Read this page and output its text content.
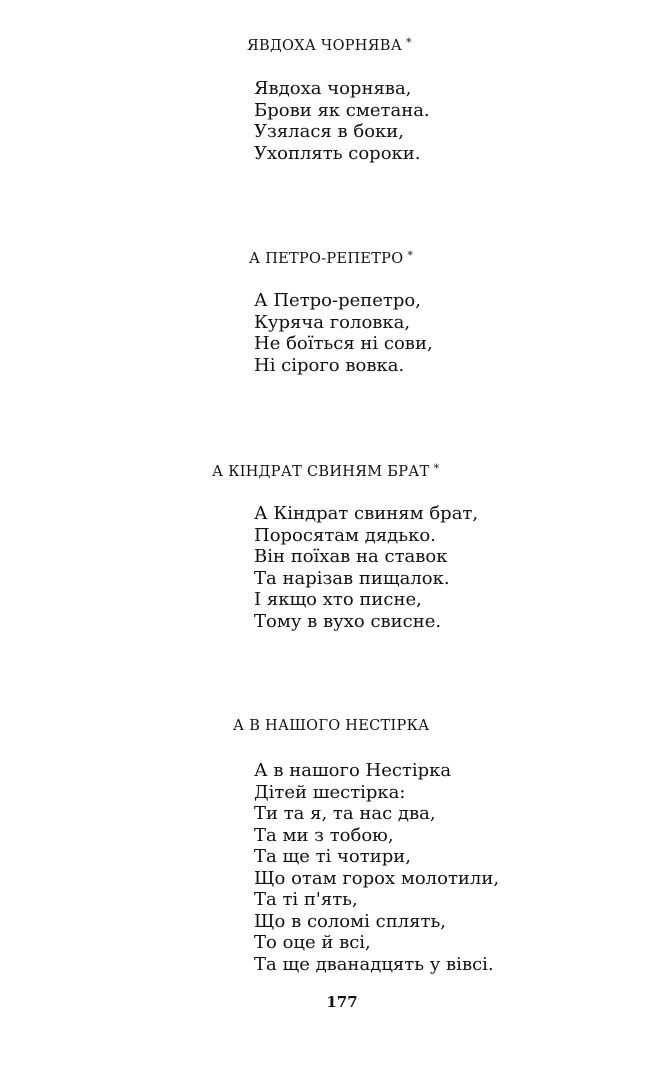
ЯВДОХА ЧОРНЯВА *
Явдоха чорнява,
Брови як сметана.
Узялася в боки,
Ухоплять сороки.
А ПЕТРО-РЕПЕТРО *
А Петро-репетро,
Куряча головка,
Не боїться ні сови,
Ні сірого вовка.
А КІНДРАТ СВИНЯМ БРАТ *
А Кіндрат свиням брат,
Поросятам дядько.
Він поїхав на ставок
Та нарізав пищалок.
І якщо хто писне,
Тому в вухо свисне.
А В НАШОГО НЕСТІРКА
А в нашого Нестірка
Дітей шестірка:
Ти та я, та нас два,
Та ми з тобою,
Та ще ті чотири,
Що отам горох молотили,
Та ті п'ять,
Що в соломі сплять,
То оце й всі,
Та ще дванадцять у вівсі.
177
